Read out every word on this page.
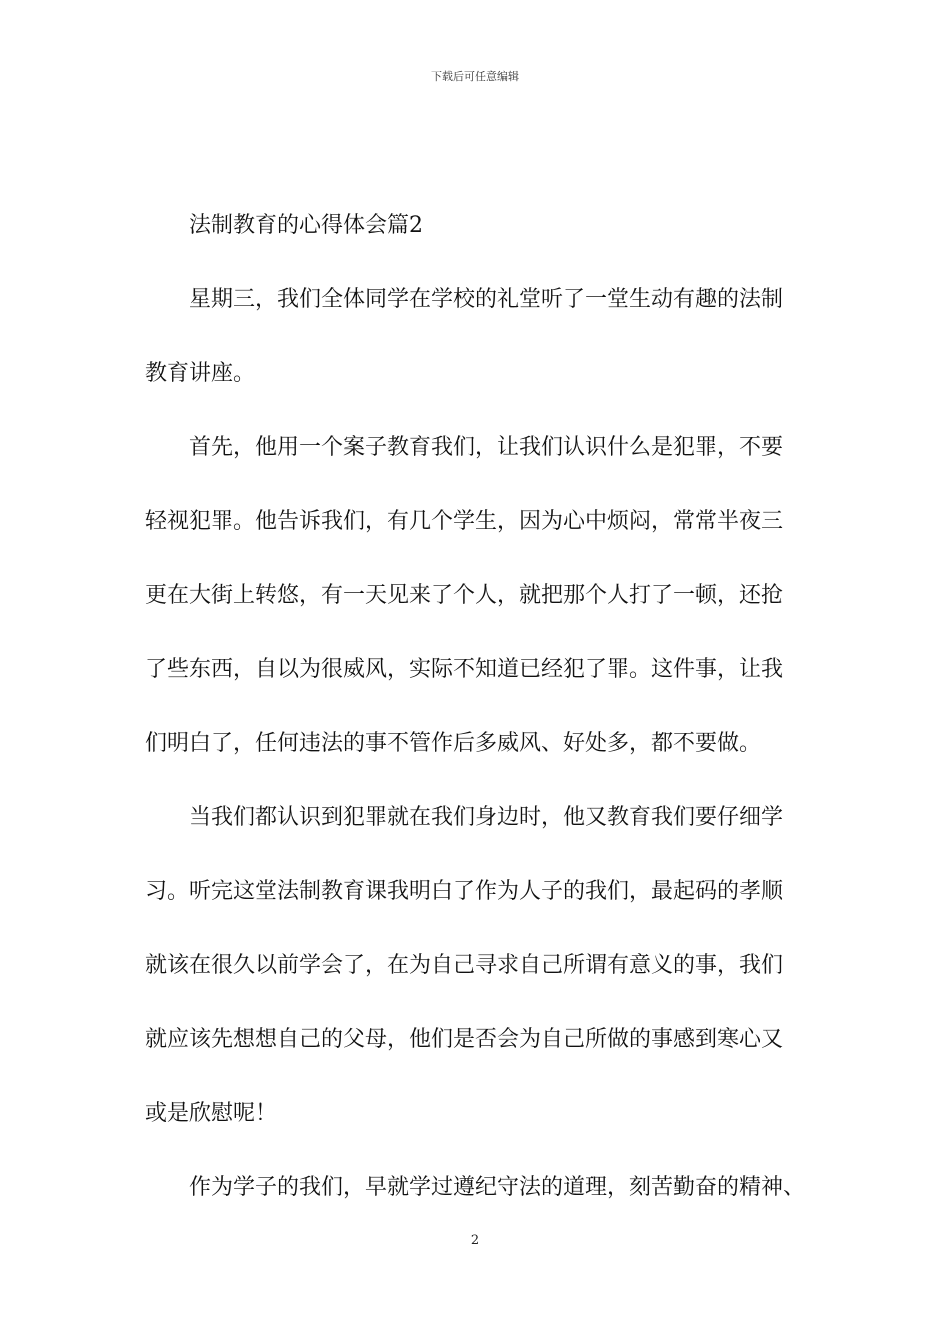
下载后可任意编辑
法制教育的心得体会篇2
星期三，我们全体同学在学校的礼堂听了一堂生动有趣的法制
教育讲座。
首先，他用一个案子教育我们，让我们认识什么是犯罪，不要
轻视犯罪。他告诉我们，有几个学生，因为心中烦闷，常常半夜三
更在大街上转悠，有一天见来了个人，就把那个人打了一顿，还抢
了些东西，自以为很威风，实际不知道已经犯了罪。这件事，让我
们明白了，任何违法的事不管作后多威风、好处多，都不要做。
当我们都认识到犯罪就在我们身边时，他又教育我们要仔细学
习。听完这堂法制教育课我明白了作为人子的我们，最起码的孝顺
就该在很久以前学会了，在为自己寻求自己所谓有意义的事，我们
就应该先想想自己的父母，他们是否会为自己所做的事感到寒心又
或是欣慰呢！
作为学子的我们，早就学过遵纪守法的道理，刻苦勤奋的精神、
2
